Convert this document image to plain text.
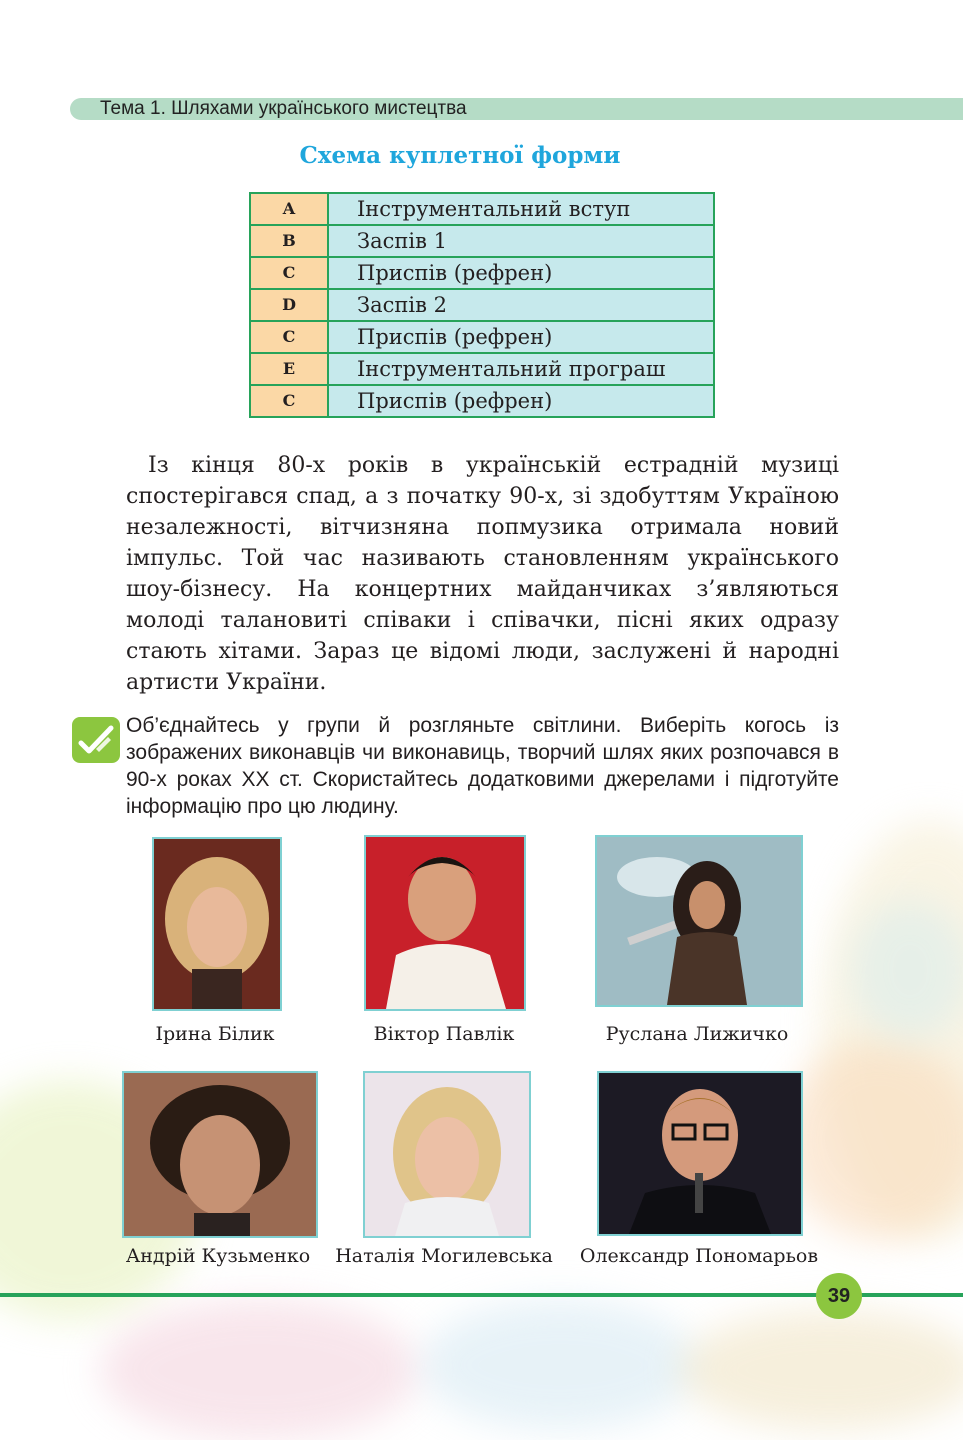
Тема 1. Шляхами українського мистецтва
Схема куплетної форми
A	Інструментальний вступ
B	Заспів 1
C	Приспів (рефрен)
D	Заспів 2
C	Приспів (рефрен)
E	Інструментальний програш
C	Приспів (рефрен)

Із кінця 80-х років в українській естрадній музиці спостерігався спад, а з початку 90-х, зі здобуттям Україною незалежності, вітчизняна попмузика отримала новий імпульс. Той час називають становленням українського шоу-бізнесу. На концертних майданчиках з’являються молоді талановиті співаки і співачки, пісні яких одразу стають хітами. Зараз це відомі люди, заслужені й народні артисти України.

Об’єднайтесь у групи й розгляньте світлини. Виберіть когось із зображених виконавців чи виконавиць, творчий шлях яких розпочався в 90-х роках ХХ ст. Скористайтесь додатковими джерелами і підготуйте інформацію про цю людину.

Ірина Білик	Віктор Павлік	Руслана Лижичко
Андрій Кузьменко	Наталія Могилевська	Олександр Пономарьов
39
